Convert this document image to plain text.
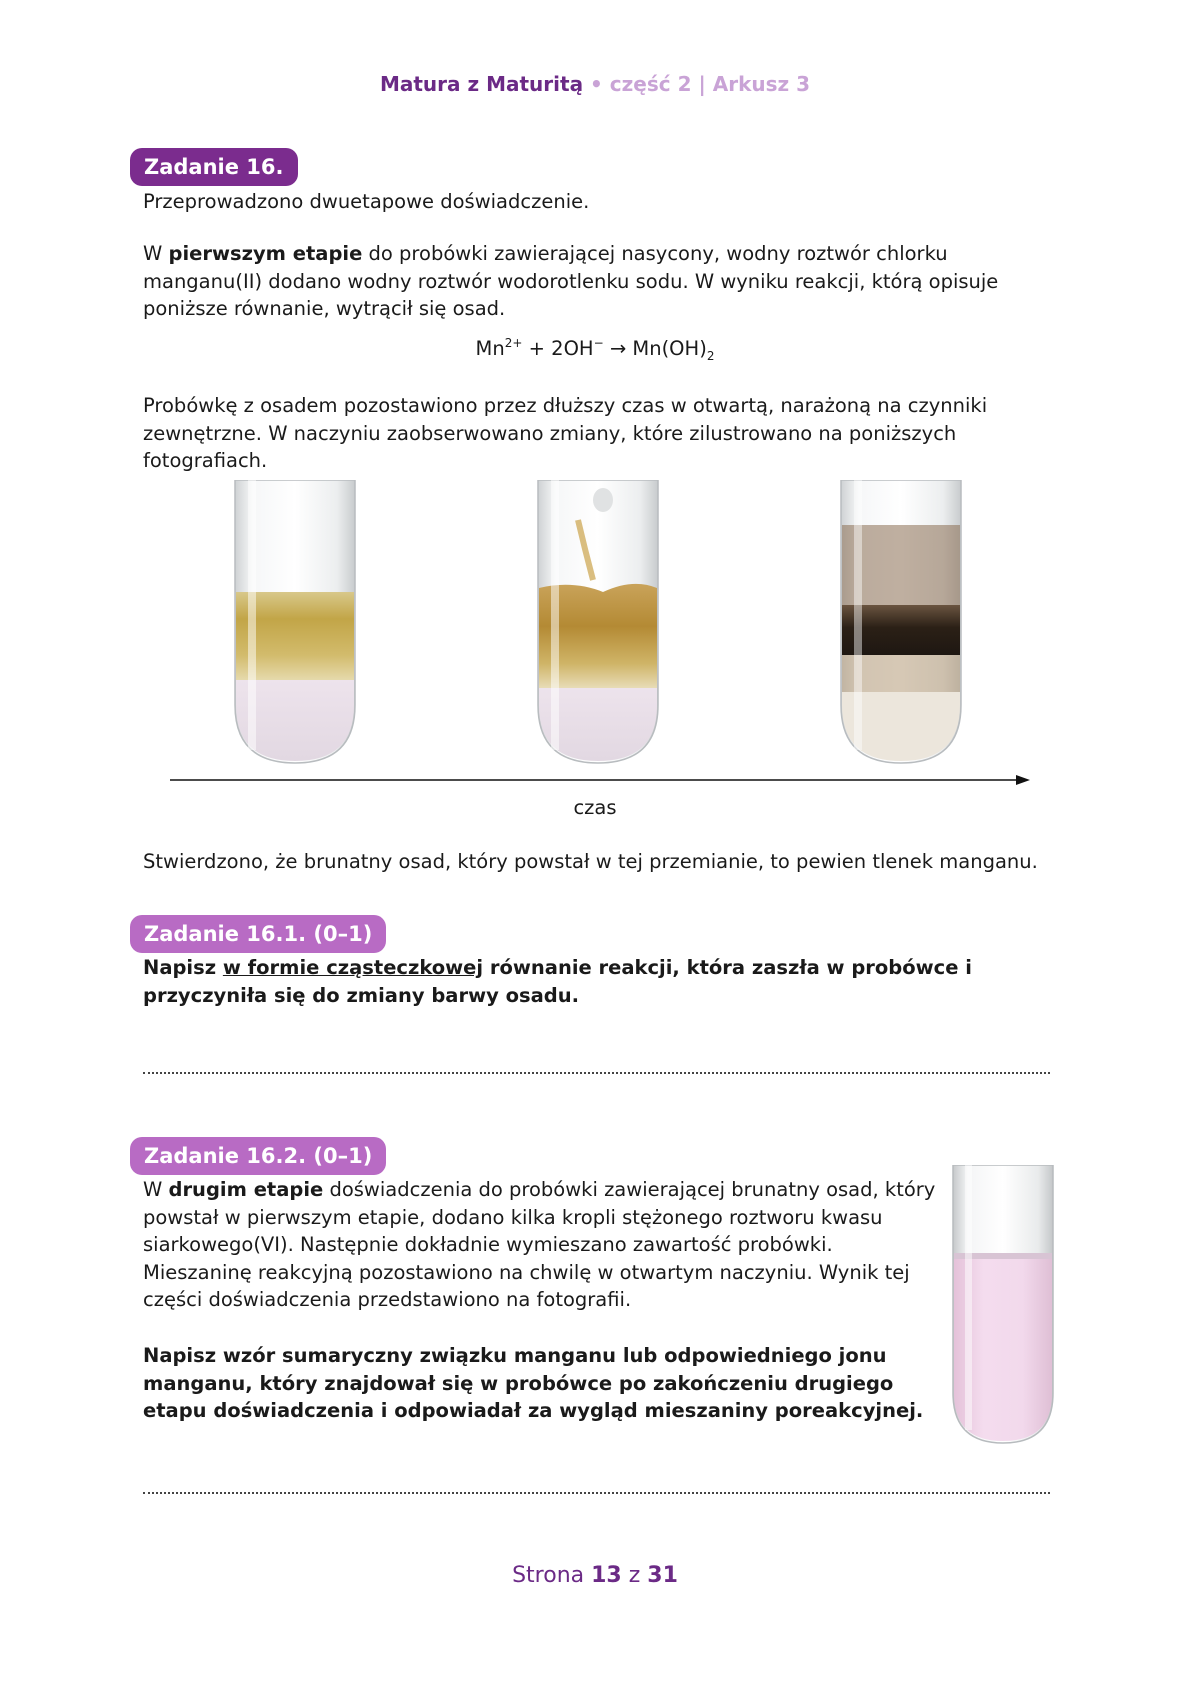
Matura z Maturitą • część 2 | Arkusz 3
Zadanie 16.
Przeprowadzono dwuetapowe doświadczenie.
W pierwszym etapie do probówki zawierającej nasycony, wodny roztwór chlorku manganu(II) dodano wodny roztwór wodorotlenku sodu. W wyniku reakcji, którą opisuje poniższe równanie, wytrącił się osad.
$Mn^{2+} + 2OH^- \to Mn(OH)_2$
Probówkę z osadem pozostawiono przez dłuższy czas w otwartą, narażoną na czynniki zewnętrzne. W naczyniu zaobserwowano zmiany, które zilustrowano na poniższych fotografiach.
czas
Stwierdzono, że brunatny osad, który powstał w tej przemianie, to pewien tlenek manganu.
Zadanie 16.1. (0–1)
Napisz w formie cząsteczkowej równanie reakcji, która zaszła w probówce i przyczyniła się do zmiany barwy osadu.
Zadanie 16.2. (0–1)
W drugim etapie doświadczenia do probówki zawierającej brunatny osad, który powstał w pierwszym etapie, dodano kilka kropli stężonego roztworu kwasu siarkowego(VI). Następnie dokładnie wymieszano zawartość probówki. Mieszaninę reakcyjną pozostawiono na chwilę w otwartym naczyniu. Wynik tej części doświadczenia przedstawiono na fotografii.
Napisz wzór sumaryczny związku manganu lub odpowiedniego jonu manganu, który znajdował się w probówce po zakończeniu drugiego etapu doświadczenia i odpowiadał za wygląd mieszaniny poreakcyjnej.
Strona 13 z 31
